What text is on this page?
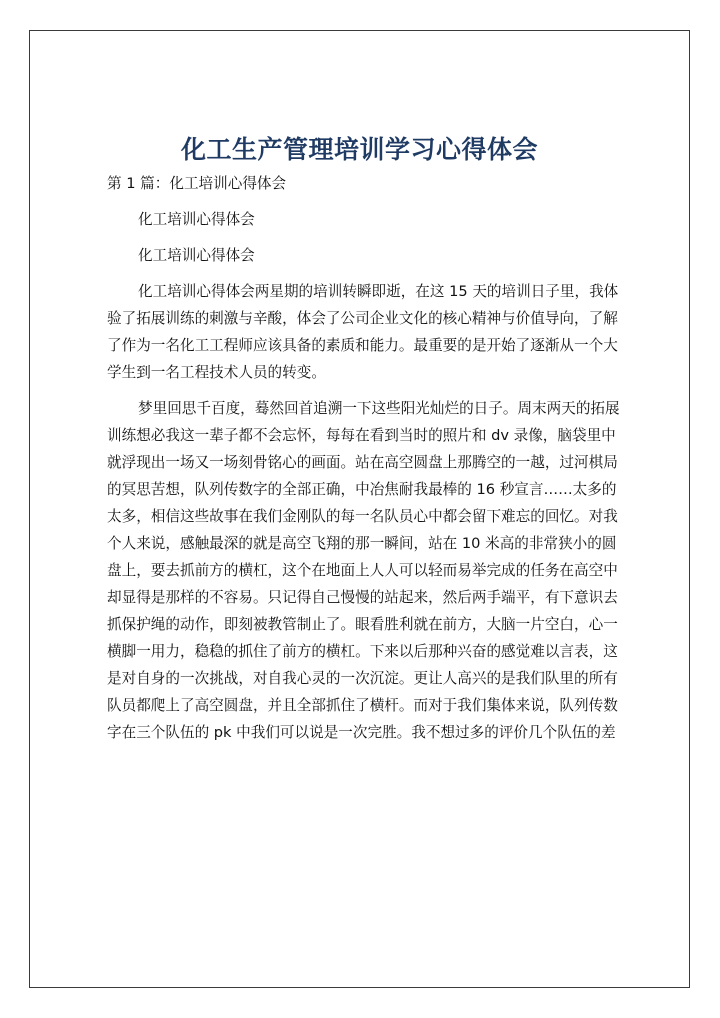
化工生产管理培训学习心得体会
第 1 篇：化工培训心得体会
化工培训心得体会
化工培训心得体会
化工培训心得体会两星期的培训转瞬即逝，在这 15 天的培训日子里，我体
验了拓展训练的刺激与辛酸，体会了公司企业文化的核心精神与价值导向，了解
了作为一名化工工程师应该具备的素质和能力。最重要的是开始了逐渐从一个大
学生到一名工程技术人员的转变。
梦里回思千百度，蓦然回首追溯一下这些阳光灿烂的日子。周末两天的拓展
训练想必我这一辈子都不会忘怀，每每在看到当时的照片和 dv 录像，脑袋里中
就浮现出一场又一场刻骨铭心的画面。站在高空圆盘上那腾空的一越，过河棋局
的冥思苦想，队列传数字的全部正确，中冶焦耐我最棒的 16 秒宣言……太多的
太多，相信这些故事在我们金刚队的每一名队员心中都会留下难忘的回忆。对我
个人来说，感触最深的就是高空飞翔的那一瞬间，站在 10 米高的非常狭小的圆
盘上，要去抓前方的横杠，这个在地面上人人可以轻而易举完成的任务在高空中
却显得是那样的不容易。只记得自己慢慢的站起来，然后两手端平，有下意识去
抓保护绳的动作，即刻被教管制止了。眼看胜利就在前方，大脑一片空白，心一
横脚一用力，稳稳的抓住了前方的横杠。下来以后那种兴奋的感觉难以言表，这
是对自身的一次挑战，对自我心灵的一次沉淀。更让人高兴的是我们队里的所有
队员都爬上了高空圆盘，并且全部抓住了横杆。而对于我们集体来说，队列传数
字在三个队伍的 pk 中我们可以说是一次完胜。我不想过多的评价几个队伍的差
